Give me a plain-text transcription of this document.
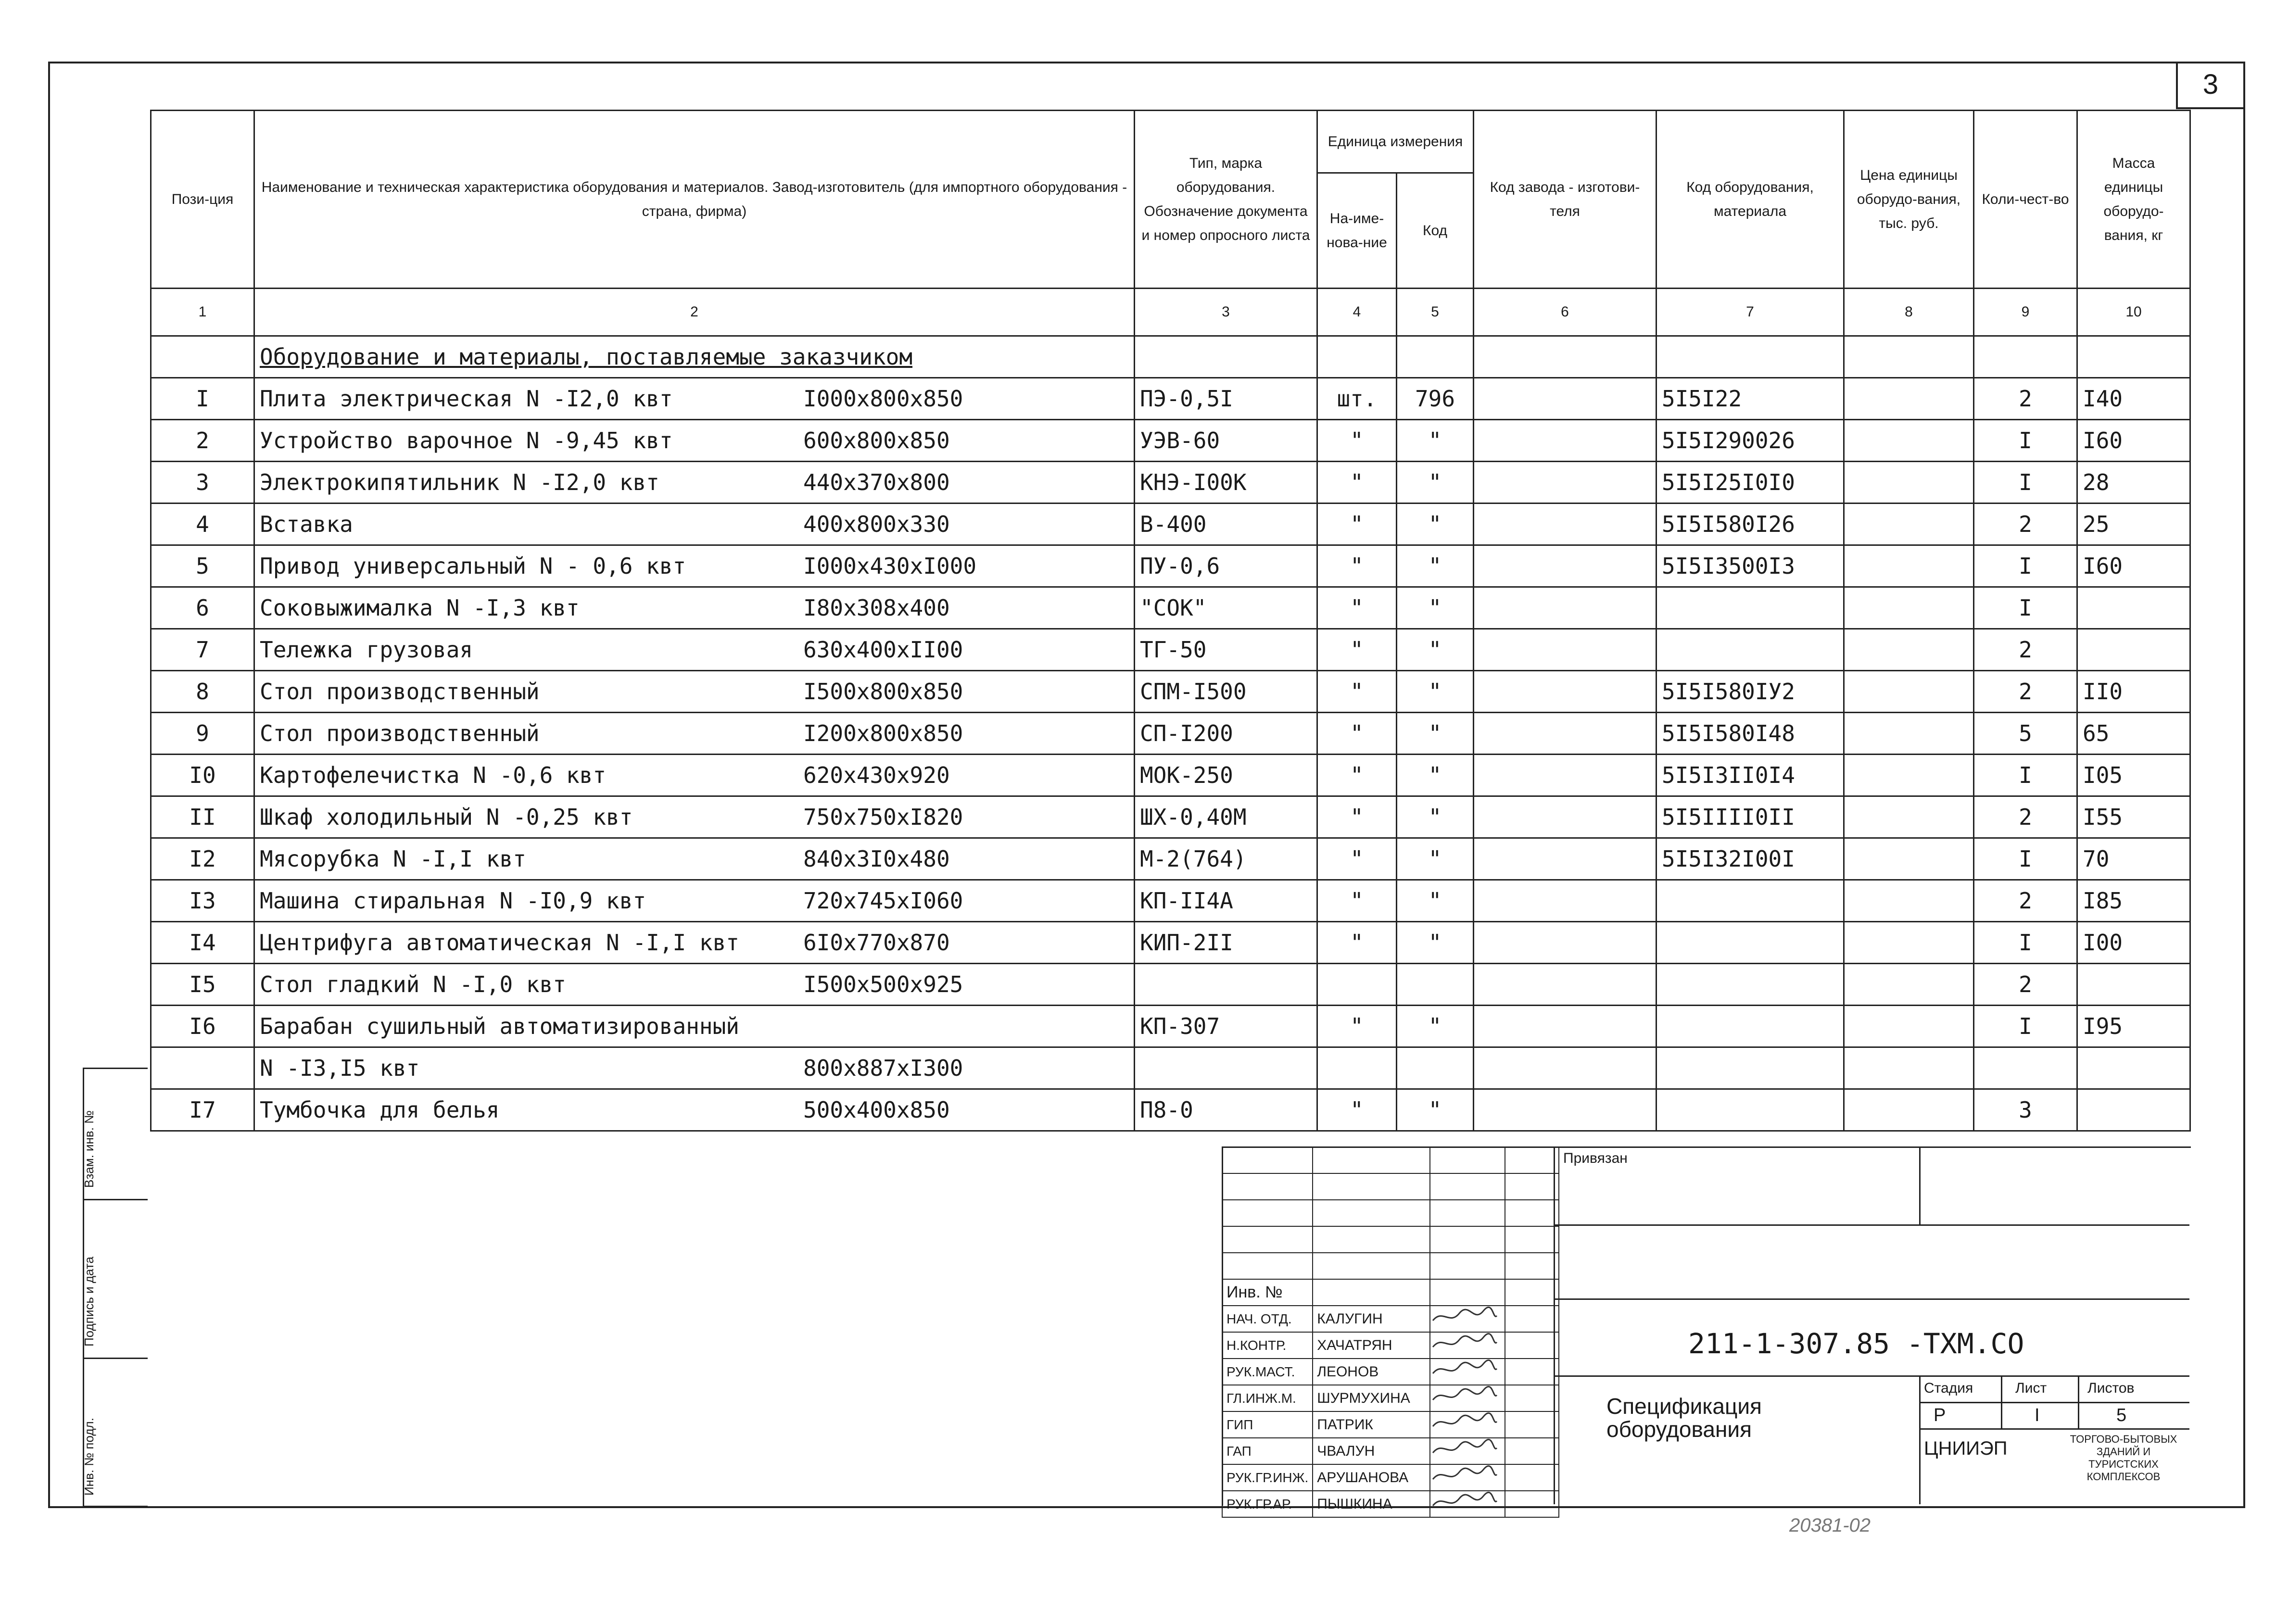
3
Пози-ция	Наименование и техническая характеристика оборудования и материалов. Завод-изготовитель (для импортного оборудования - страна, фирма)	Тип, марка оборудования. Обозначение документа и номер опросного листа	Единица измерения		Код завода - изготови-теля	Код оборудования, материала	Цена единицы оборудо-вания, тыс. руб.	Коли-чест-во	Масса единицы оборудо-вания, кг
			На-име-нова-ние	Код					
1	2	3	4	5	6	7	8	9	10
	Оборудование и материалы, поставляемые заказчиком								
I	Плита электрическая N -I2,0 квт I000x800x850	ПЭ-0,5I	шт.	796		5I5I22		2	I40
2	Устройство варочное N -9,45 квт 600x800x850	УЭВ-60	"	"		5I5I290026		I	I60
3	Электрокипятильник N -I2,0 квт 440x370x800	КНЭ-I00К	"	"		5I5I25I0I0		I	28
4	Вставка 400x800x330	В-400	"	"		5I5I580I26		2	25
5	Привод универсальный N - 0,6 квт I000x430xI000	ПУ-0,6	"	"		5I5I3500I3		I	I60
6	Соковыжималка N -I,3 квт I80x308x400	"СОК"	"	"				I	
7	Тележка грузовая 630x400xII00	ТГ-50	"	"				2	
8	Стол производственный I500x800x850	СПМ-I500	"	"		5I5I580IУ2		2	II0
9	Стол производственный I200x800x850	СП-I200	"	"		5I5I580I48		5	65
I0	Картофелечистка N -0,6 квт 620x430x920	МОК-250	"	"		5I5I3II0I4		I	I05
II	Шкаф холодильный N -0,25 квт 750x750xI820	ШХ-0,40М	"	"		5I5IIII0II		2	I55
I2	Мясорубка N -I,I квт 840x3I0x480	М-2(764)	"	"		5I5I32I00I		I	70
I3	Машина стиральная N -I0,9 квт 720x745xI060	КП-II4А	"	"				2	I85
I4	Центрифуга автоматическая N -I,I квт 6I0x770x870	КИП-2II	"	"				I	I00
I5	Стол гладкий N -I,0 квт I500x500x925							2	
I6	Барабан сушильный автоматизированный	КП-307	"	"				I	I95
	N -I3,I5 квт 800x887xI300								
I7	Тумбочка для белья 500x400x850	П8-0	"	"				3	
Взам. инв. №
Подпись и дата
Инв. № подл.

Инв. №			
НАЧ. ОТД.	КАЛУГИН		
Н.КОНТР.	ХАЧАТРЯН		
РУК.МАСТ.	ЛЕОНОВ		
ГЛ.ИНЖ.М.	ШУРМУХИНА		
ГИП	ПАТРИК		
ГАП	ЧВАЛУН		
РУК.ГР.ИНЖ.	АРУШАНОВА		
РУК.ГР.АР.	ПЫШКИНА		
Привязан
211-1-307.85 -ТХМ.СО
Спецификация оборудования
Стадия	Лист	Листов
Р	I	5
ЦНИИЭП	ТОРГОВО-БЫТОВЫХ ЗДАНИЙ И ТУРИСТСКИХ КОМПЛЕКСОВ
20381-02
